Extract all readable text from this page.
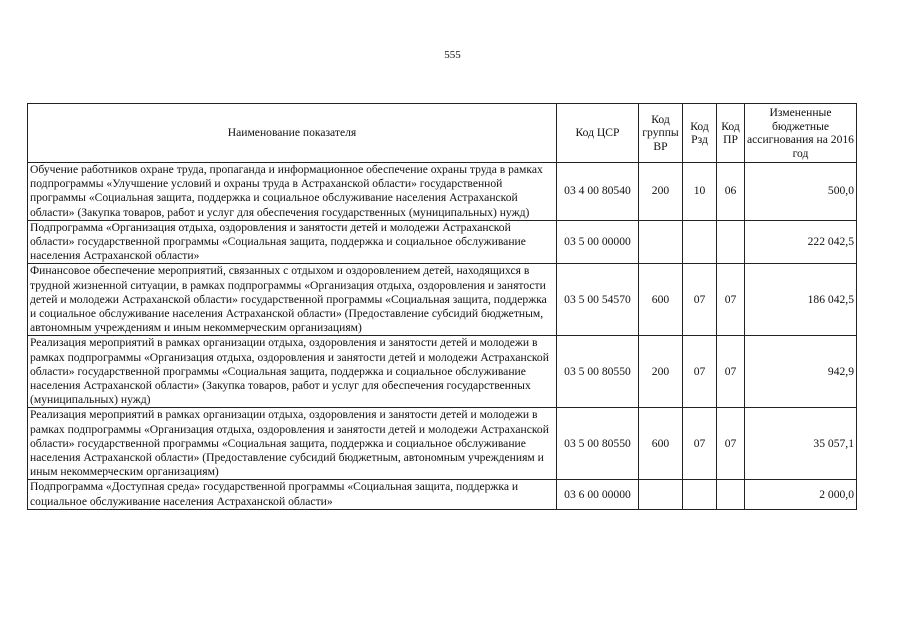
555
Наименование показателя	Код ЦСР	Код группы ВР	Код Рзд	Код ПР	Измененные бюджетные ассигнования на 2016 год
Обучение работников охране труда, пропаганда и информационное обеспечение охраны труда в рамках подпрограммы «Улучшение условий и охраны труда в Астраханской области» государственной программы «Социальная защита, поддержка и социальное обслуживание населения Астраханской области» (Закупка товаров, работ и услуг для обеспечения государственных (муниципальных) нужд)	03 4 00 80540	200	10	06	500,0
Подпрограмма «Организация отдыха, оздоровления и занятости детей и молодежи Астраханской области» государственной программы «Социальная защита, поддержка и социальное обслуживание населения Астраханской области»	03 5 00 00000				222 042,5
Финансовое обеспечение мероприятий, связанных с отдыхом и оздоровлением детей, находящихся в трудной жизненной ситуации, в рамках подпрограммы «Организация отдыха, оздоровления и занятости детей и молодежи Астраханской области» государственной программы «Социальная защита, поддержка и социальное обслуживание населения Астраханской области» (Предоставление субсидий бюджетным, автономным учреждениям и иным некоммерческим организациям)	03 5 00 54570	600	07	07	186 042,5
Реализация мероприятий в рамках организации отдыха, оздоровления и занятости детей и молодежи в рамках подпрограммы «Организация отдыха, оздоровления и занятости детей и молодежи Астраханской области» государственной программы «Социальная защита, поддержка и социальное обслуживание населения Астраханской области» (Закупка товаров, работ и услуг для обеспечения государственных (муниципальных) нужд)	03 5 00 80550	200	07	07	942,9
Реализация мероприятий в рамках организации отдыха, оздоровления и занятости детей и молодежи в рамках подпрограммы «Организация отдыха, оздоровления и занятости детей и молодежи Астраханской области» государственной программы «Социальная защита, поддержка и социальное обслуживание населения Астраханской области» (Предоставление субсидий бюджетным, автономным учреждениям и иным некоммерческим организациям)	03 5 00 80550	600	07	07	35 057,1
Подпрограмма «Доступная среда» государственной программы «Социальная защита, поддержка и социальное обслуживание населения Астраханской области»	03 6 00 00000				2 000,0
